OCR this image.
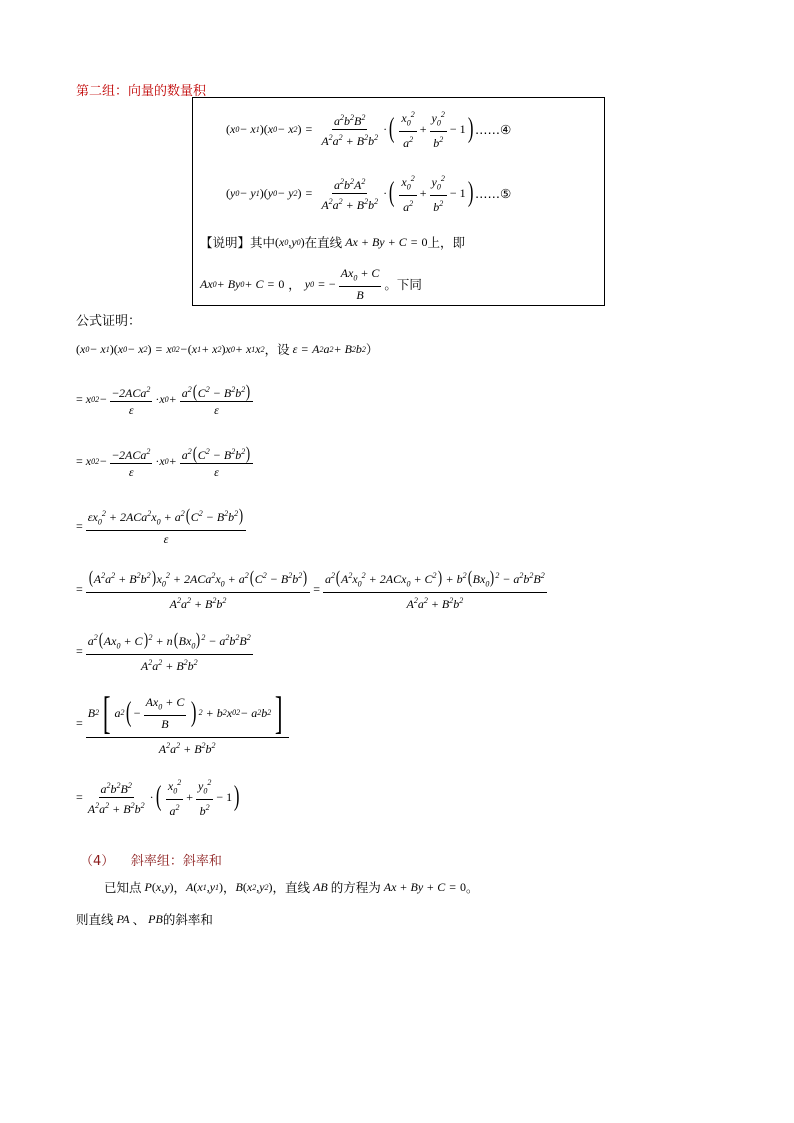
第二组：向量的数量积
( x 0 − x 1 )( x 0 − x 2 ) = $\frac{a^2b^2B^2}{A^2a^2 + B^2b^2}$ · ( $\frac{x_0^2}{a^2} + \frac{y_0^2}{b^2} - 1$ ) ……④
( y 0 − y 1 )( y 0 − y 2 ) = $\frac{a^2b^2A^2}{A^2a^2 + B^2b^2}$ · ( $\frac{x_0^2}{a^2} + \frac{y_0^2}{b^2} - 1$ ) ……⑤
【说明】其中 ( x 0 , y 0 ) 在直线 Ax + By + C = 0 上，即
Ax 0 + By 0 + C = 0 ， y 0 = − $\frac{Ax_0 + C}{B}$ 。下同
公式证明：
( x 0 − x 1 )( x 0 − x 2 ) = x 0 2 − ( x 1 + x 2 ) x 0 + x 1 x 2 ，设 ε = A 2 a 2 + B 2 b 2 ）
= x 0 $2 - \frac{-2ACa^2}{\varepsilon} \cdot x$ $0 + \frac{a^2(C^2 - B^2b^2)}{\varepsilon}$
= x 0 $2 - \frac{-2ACa^2}{\varepsilon} \cdot x$ $0 + \frac{a^2(C^2 - B^2b^2)}{\varepsilon}$
= $\frac{\varepsilon x_0^2 + 2ACa^2x_0 + a^2(C^2 - B^2b^2)}{\varepsilon}$
= $\frac{(A^2a^2 + B^2b^2)x_0^2 + 2ACa^2x_0 + a^2(C^2 - B^2b^2)}{A^2a^2 + B^2b^2} = \frac{a^2(A^2x_0^2 + 2ACx_0 + C^2) + b^2(Bx_0)^2 - a^2b^2B^2}{A^2a^2 + B^2b^2}$
= $\frac{a^2(Ax_0 + C)^2 + n(Bx_0)^2 - a^2b^2B^2}{A^2a^2 + B^2b^2}$
= $\frac{B 2 [ a 2 ( - \frac{Ax_0 + C}{B} ) 2 + b 2 x 0 2 - a 2 b 2 ]}{A^2a^2 + B^2b^2}$
= $\frac{a^2b^2B^2}{A^2a^2 + B^2b^2}$ · ( $\frac{x_0^2}{a^2} + \frac{y_0^2}{b^2} - 1$ )
（4） 斜率组：斜率和
已知点 P ( x , y ) ， A ( x 1 , y 1 ) ， B ( x 2 , y 2 ) ，直线 AB 的方程为 Ax + By + C = 0 。
则直线 PA 、 PB 的斜率和
